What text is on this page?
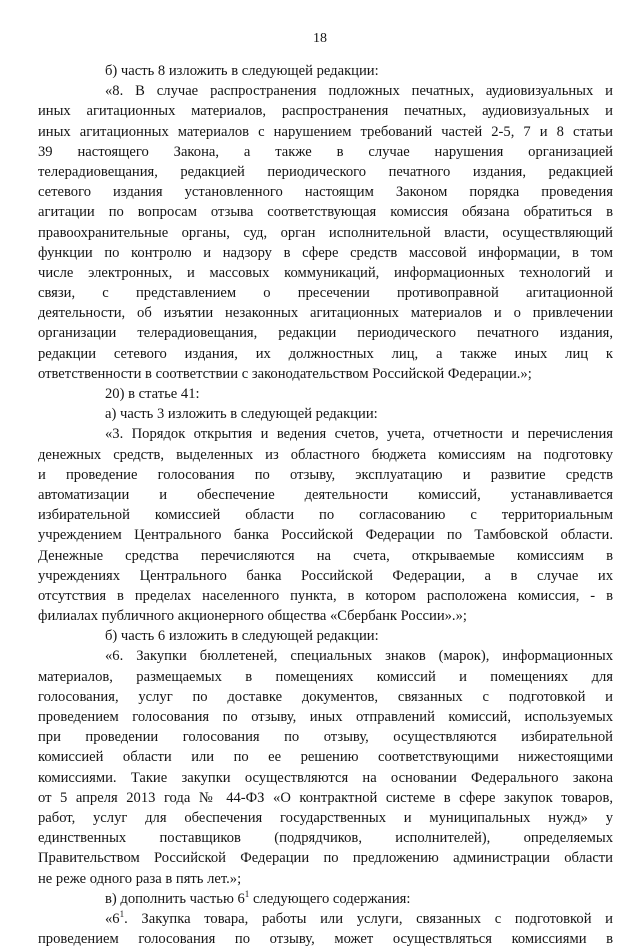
18
б) часть 8 изложить в следующей редакции:
«8. В случае распространения подложных печатных, аудиовизуальных и
иных агитационных материалов, распространения печатных, аудиовизуальных и
иных агитационных материалов с нарушением требований частей 2-5, 7 и 8 статьи
39 настоящего Закона, а также в случае нарушения организацией
телерадиовещания, редакцией периодического печатного издания, редакцией
сетевого издания установленного настоящим Законом порядка проведения
агитации по вопросам отзыва соответствующая комиссия обязана обратиться в
правоохранительные органы, суд, орган исполнительной власти, осуществляющий
функции по контролю и надзору в сфере средств массовой информации, в том
числе электронных, и массовых коммуникаций, информационных технологий и
связи, с представлением о пресечении противоправной агитационной
деятельности, об изъятии незаконных агитационных материалов и о привлечении
организации телерадиовещания, редакции периодического печатного издания,
редакции сетевого издания, их должностных лиц, а также иных лиц к
ответственности в соответствии с законодательством Российской Федерации.»;
20) в статье 41:
а) часть 3 изложить в следующей редакции:
«3. Порядок открытия и ведения счетов, учета, отчетности и перечисления
денежных средств, выделенных из областного бюджета комиссиям на подготовку
и проведение голосования по отзыву, эксплуатацию и развитие средств
автоматизации и обеспечение деятельности комиссий, устанавливается
избирательной комиссией области по согласованию с территориальным
учреждением Центрального банка Российской Федерации по Тамбовской области.
Денежные средства перечисляются на счета, открываемые комиссиям в
учреждениях Центрального банка Российской Федерации, а в случае их
отсутствия в пределах населенного пункта, в котором расположена комиссия, - в
филиалах публичного акционерного общества «Сбербанк России».»;
б) часть 6 изложить в следующей редакции:
«6. Закупки бюллетеней, специальных знаков (марок), информационных
материалов, размещаемых в помещениях комиссий и помещениях для
голосования, услуг по доставке документов, связанных с подготовкой и
проведением голосования по отзыву, иных отправлений комиссий, используемых
при проведении голосования по отзыву, осуществляются избирательной
комиссией области или по ее решению соответствующими нижестоящими
комиссиями. Такие закупки осуществляются на основании Федерального закона
от 5 апреля 2013 года № 44-ФЗ «О контрактной системе в сфере закупок товаров,
работ, услуг для обеспечения государственных и муниципальных нужд» у
единственных поставщиков (подрядчиков, исполнителей), определяемых
Правительством Российской Федерации по предложению администрации области
не реже одного раза в пять лет.»;
в) дополнить частью $6^1$ следующего содержания:
«$6^1$. Закупка товара, работы или услуги, связанных с подготовкой и
проведением голосования по отзыву, может осуществляться комиссиями в
